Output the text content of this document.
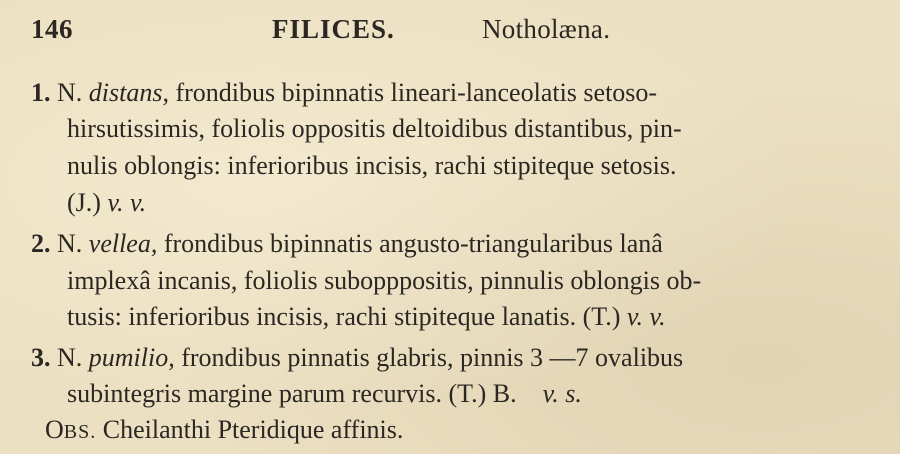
146	FILICES.	Notholæna.
1. N. distans, frondibus bipinnatis lineari-lanceolatis setoso-
hirsutissimis, foliolis oppositis deltoidibus distantibus, pin-
nulis oblongis: inferioribus incisis, rachi stipiteque setosis.
(J.) v. v.
2. N. vellea, frondibus bipinnatis angusto-triangularibus lanâ
implexâ incanis, foliolis subopppositis, pinnulis oblongis ob-
tusis: inferioribus incisis, rachi stipiteque lanatis. (T.) v. v.
3. N. pumilio, frondibus pinnatis glabris, pinnis 3 —7 ovalibus
subintegris margine parum recurvis. (T.) B. v. s.
OBS. Cheilanthi Pteridique affinis.
